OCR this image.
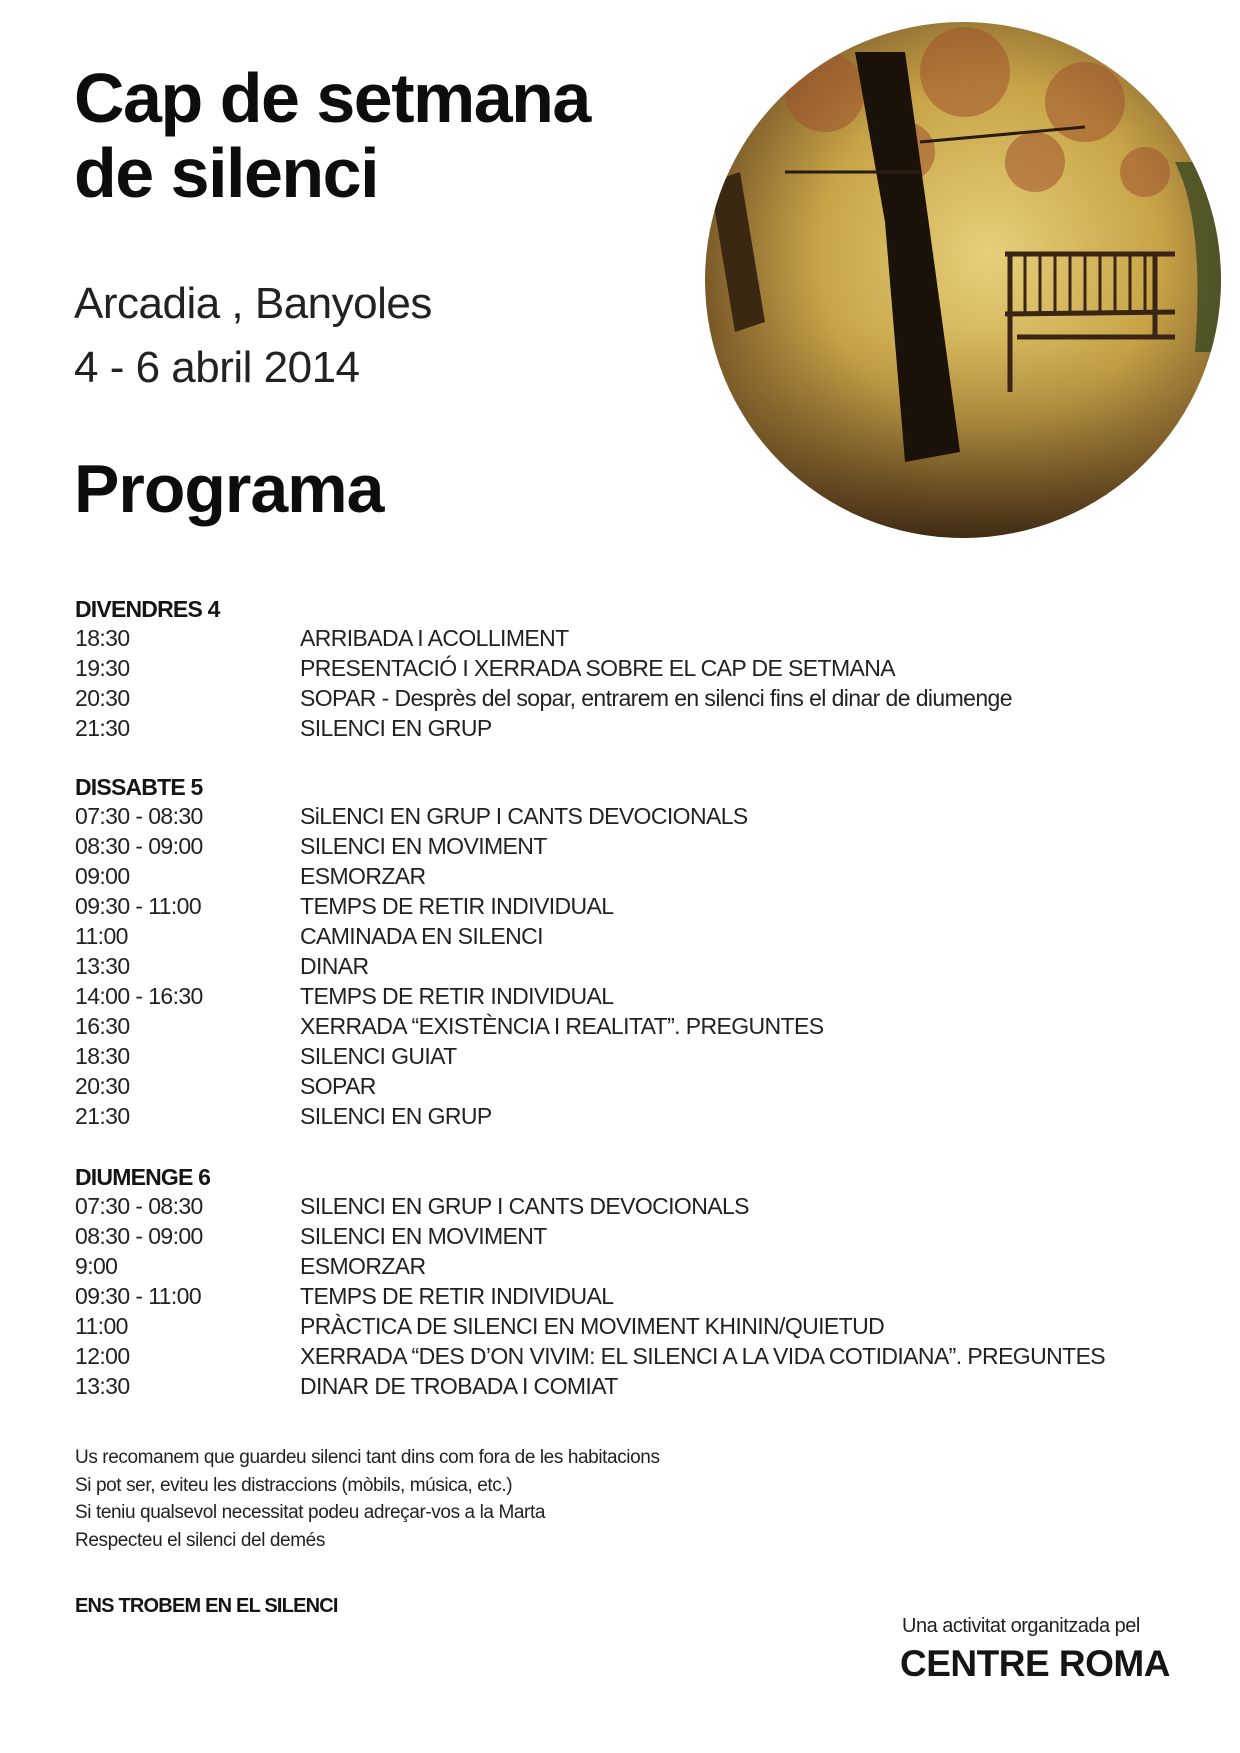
Cap de setmana
de silenci
Arcadia , Banyoles
4 - 6 abril 2014
Programa
DIVENDRES 4
18:30	ARRIBADA I ACOLLIMENT
19:30	PRESENTACIÓ I XERRADA SOBRE EL CAP DE SETMANA
20:30	SOPAR - Desprès del sopar, entrarem en silenci fins el dinar de diumenge
21:30	SILENCI EN GRUP
DISSABTE 5
07:30 - 08:30	SiLENCI EN GRUP I CANTS DEVOCIONALS
08:30 - 09:00	SILENCI EN MOVIMENT
09:00	ESMORZAR
09:30 - 11:00	TEMPS DE RETIR INDIVIDUAL
11:00	CAMINADA EN SILENCI
13:30	DINAR
14:00 - 16:30	TEMPS DE RETIR INDIVIDUAL
16:30	XERRADA “EXISTÈNCIA I REALITAT”. PREGUNTES
18:30	SILENCI GUIAT
20:30	SOPAR
21:30	SILENCI EN GRUP
DIUMENGE 6
07:30 - 08:30	SILENCI EN GRUP I CANTS DEVOCIONALS
08:30 - 09:00	SILENCI EN MOVIMENT
9:00	ESMORZAR
09:30 - 11:00	TEMPS DE RETIR INDIVIDUAL
11:00	PRÀCTICA DE SILENCI EN MOVIMENT KHININ/QUIETUD
12:00	XERRADA “DES D’ON VIVIM: EL SILENCI A LA VIDA COTIDIANA”. PREGUNTES
13:30	DINAR DE TROBADA I COMIAT
Us recomanem que guardeu silenci tant dins com fora de les habitacions
Si pot ser, eviteu les distraccions (mòbils, música, etc.)
Si teniu qualsevol necessitat podeu adreçar-vos a la Marta
Respecteu el silenci del demés
ENS TROBEM EN EL SILENCI
Una activitat organitzada pel
CENTRE ROMA
